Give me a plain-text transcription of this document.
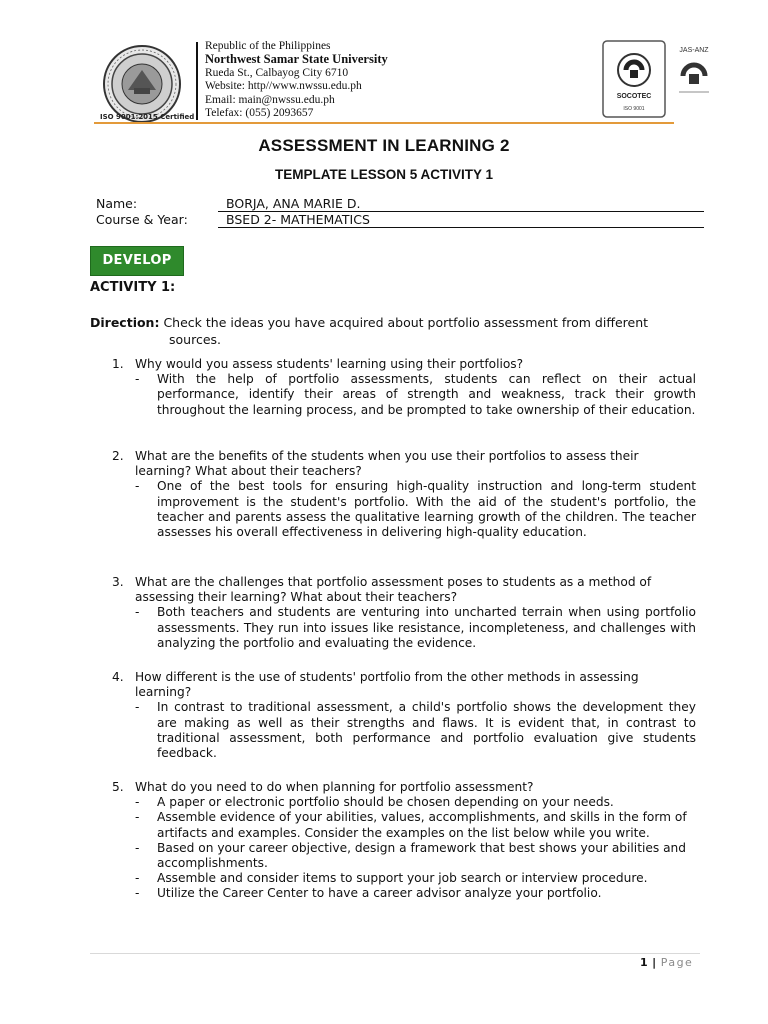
ISO 9001:2015 Certified
Republic of the Philippines
Northwest Samar State University
Rueda St., Calbayog City 6710
Website: http//www.nwssu.edu.ph
Email: main@nwssu.edu.ph
Telefax: (055) 2093657
SOCOTEC
ISO 9001
JAS-ANZ
ASSESSMENT IN LEARNING 2
TEMPLATE LESSON 5 ACTIVITY 1
Name:	BORJA, ANA MARIE D.
Course & Year:	BSED 2- MATHEMATICS
DEVELOP
ACTIVITY 1:
Direction: Check the ideas you have acquired about portfolio assessment from different
sources.
1. Why would you assess students' learning using their portfolios?
- With the help of portfolio assessments, students can reflect on their actual performance, identify their areas of strength and weakness, track their growth throughout the learning process, and be prompted to take ownership of their education.
2. What are the benefits of the students when you use their portfolios to assess their learning? What about their teachers?
- One of the best tools for ensuring high-quality instruction and long-term student improvement is the student's portfolio. With the aid of the student's portfolio, the teacher and parents assess the qualitative learning growth of the children. The teacher assesses his overall effectiveness in delivering high-quality education.
3. What are the challenges that portfolio assessment poses to students as a method of assessing their learning? What about their teachers?
- Both teachers and students are venturing into uncharted terrain when using portfolio assessments. They run into issues like resistance, incompleteness, and challenges with analyzing the portfolio and evaluating the evidence.
4. How different is the use of students' portfolio from the other methods in assessing learning?
- In contrast to traditional assessment, a child's portfolio shows the development they are making as well as their strengths and flaws. It is evident that, in contrast to traditional assessment, both performance and portfolio evaluation give students feedback.
5. What do you need to do when planning for portfolio assessment?
- A paper or electronic portfolio should be chosen depending on your needs.
- Assemble evidence of your abilities, values, accomplishments, and skills in the form of artifacts and examples. Consider the examples on the list below while you write.
- Based on your career objective, design a framework that best shows your abilities and accomplishments.
- Assemble and consider items to support your job search or interview procedure.
- Utilize the Career Center to have a career advisor analyze your portfolio.
1 | Page
